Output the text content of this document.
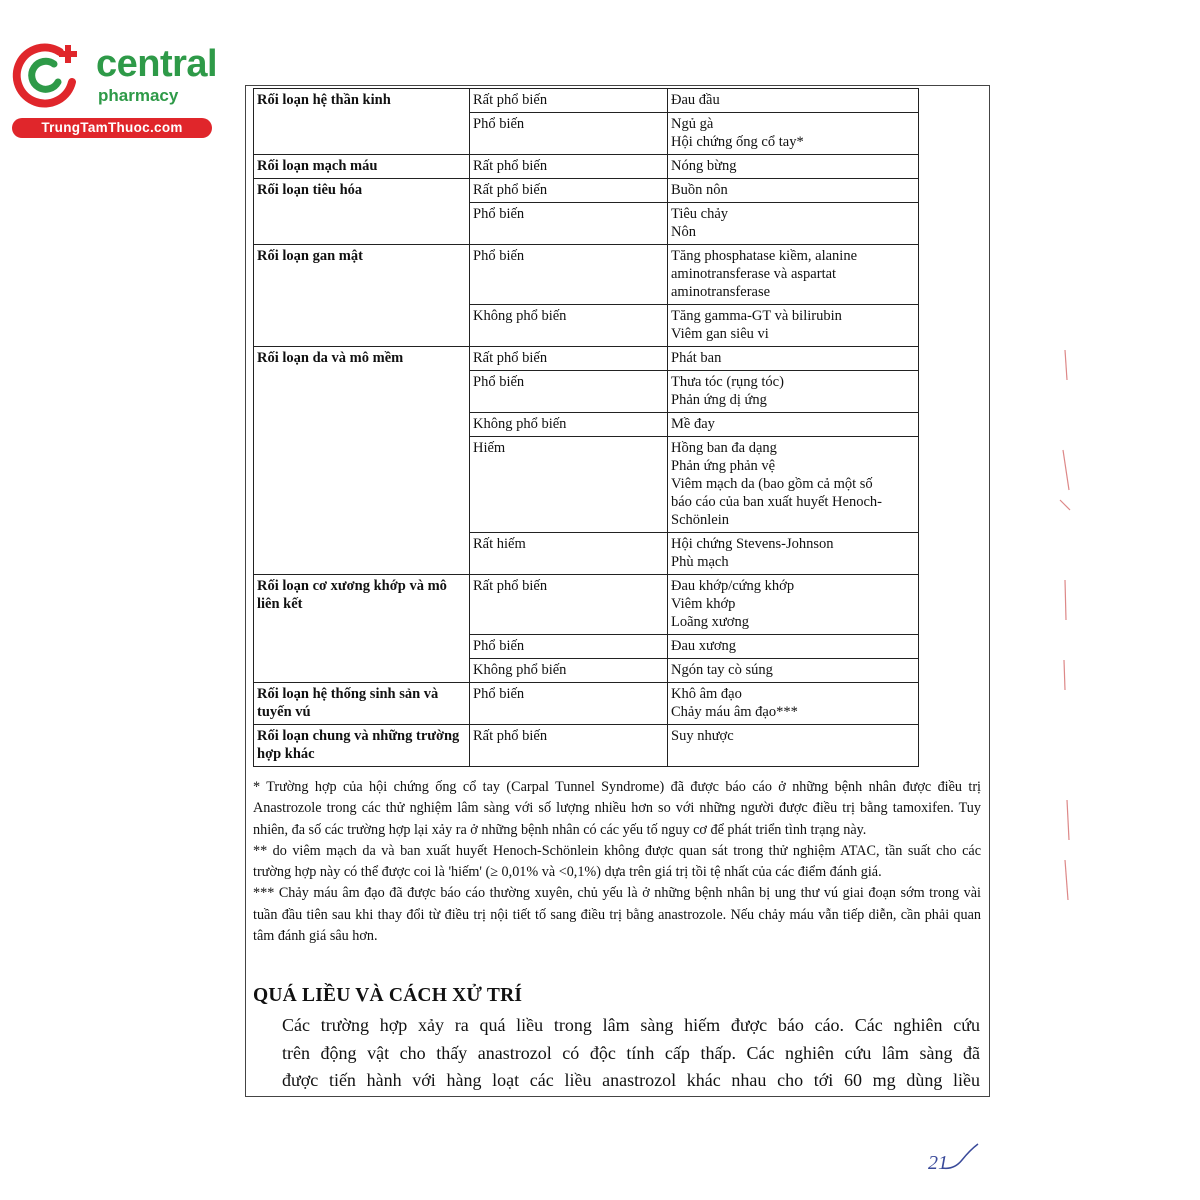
central
pharmacy
TrungTamThuoc.com
Rối loạn hệ thần kinh	Rất phổ biến	Đau đầu

	Phổ biến	Ngủ gà
Hội chứng ống cổ tay*

Rối loạn mạch máu	Rất phổ biến	Nóng bừng

Rối loạn tiêu hóa	Rất phổ biến	Buồn nôn

	Phổ biến	Tiêu chảy
Nôn

Rối loạn gan mật	Phổ biến	Tăng phosphatase kiềm, alanine
aminotransferase và aspartat
aminotransferase

	Không phổ biến	Tăng gamma-GT và bilirubin
Viêm gan siêu vi

Rối loạn da và mô mềm	Rất phổ biến	Phát ban

	Phổ biến	Thưa tóc (rụng tóc)
Phản ứng dị ứng

	Không phổ biến	Mề đay

	Hiếm	Hồng ban đa dạng
Phản ứng phản vệ
Viêm mạch da (bao gồm cả một số
báo cáo của ban xuất huyết Henoch-
Schönlein

	Rất hiếm	Hội chứng Stevens-Johnson
Phù mạch

Rối loạn cơ xương khớp và mô liên kết	Rất phổ biến	Đau khớp/cứng khớp
Viêm khớp
Loãng xương

	Phổ biến	Đau xương

	Không phổ biến	Ngón tay cò súng

Rối loạn hệ thống sinh sản và tuyến vú	Phổ biến	Khô âm đạo
Chảy máu âm đạo***

Rối loạn chung và những trường hợp khác	Rất phổ biến	Suy nhược

* Trường hợp của hội chứng ống cổ tay (Carpal Tunnel Syndrome) đã được báo cáo ở những bệnh nhân được điều trị Anastrozole trong các thử nghiệm lâm sàng với số lượng nhiều hơn so với những người được điều trị bằng tamoxifen. Tuy nhiên, đa số các trường hợp lại xảy ra ở những bệnh nhân có các yếu tố nguy cơ để phát triển tình trạng này.

** do viêm mạch da và ban xuất huyết Henoch-Schönlein không được quan sát trong thử nghiệm ATAC, tần suất cho các trường hợp này có thể được coi là 'hiếm' (≥ 0,01% và <0,1%) dựa trên giá trị tồi tệ nhất của các điểm đánh giá.

*** Chảy máu âm đạo đã được báo cáo thường xuyên, chủ yếu là ở những bệnh nhân bị ung thư vú giai đoạn sớm trong vài tuần đầu tiên sau khi thay đổi từ điều trị nội tiết tố sang điều trị bằng anastrozole. Nếu chảy máu vẫn tiếp diễn, cần phải quan tâm đánh giá sâu hơn.

QUÁ LIỀU VÀ CÁCH XỬ TRÍ
Các trường hợp xảy ra quá liều trong lâm sàng hiếm được báo cáo. Các nghiên cứu
trên động vật cho thấy anastrozol có độc tính cấp thấp. Các nghiên cứu lâm sàng đã
được tiến hành với hàng loạt các liều anastrozol khác nhau cho tới 60 mg dùng liều
21
